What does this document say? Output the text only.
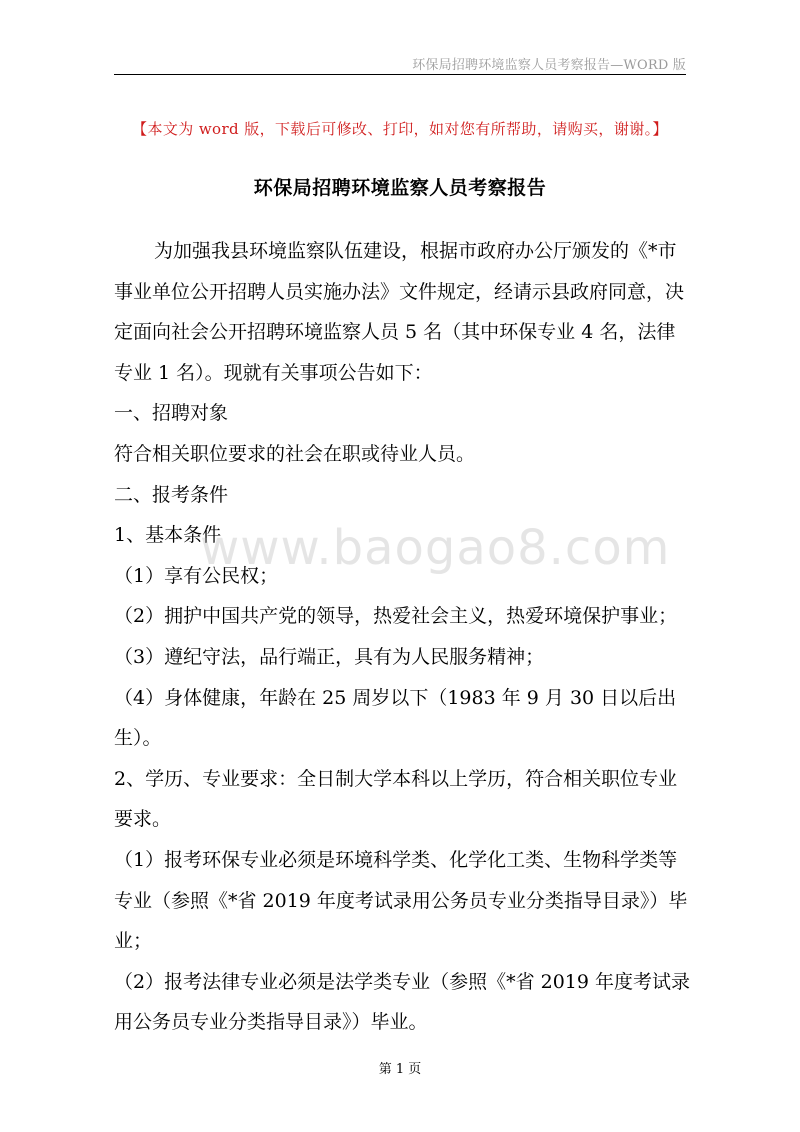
环保局招聘环境监察人员考察报告—WORD 版
【本文为 word 版，下载后可修改、打印，如对您有所帮助，请购买，谢谢。】
环保局招聘环境监察人员考察报告

为加强我县环境监察队伍建设，根据市政府办公厅颁发的《*市事业单位公开招聘人员实施办法》文件规定，经请示县政府同意，决定面向社会公开招聘环境监察人员 5 名（其中环保专业 4 名，法律专业 1 名）。现就有关事项公告如下：

一、招聘对象

符合相关职位要求的社会在职或待业人员。

二、报考条件

1、基本条件

（1）享有公民权；

（2）拥护中国共产党的领导，热爱社会主义，热爱环境保护事业；

（3）遵纪守法，品行端正，具有为人民服务精神；

（4）身体健康，年龄在 25 周岁以下（1983 年 9 月 30 日以后出生）。

2、学历、专业要求：全日制大学本科以上学历，符合相关职位专业要求。

（1）报考环保专业必须是环境科学类、化学化工类、生物科学类等专业（参照《*省 2019 年度考试录用公务员专业分类指导目录》）毕业；

（2）报考法律专业必须是法学类专业（参照《*省 2019 年度考试录用公务员专业分类指导目录》）毕业。

www.baogao8.com
第 1 页
